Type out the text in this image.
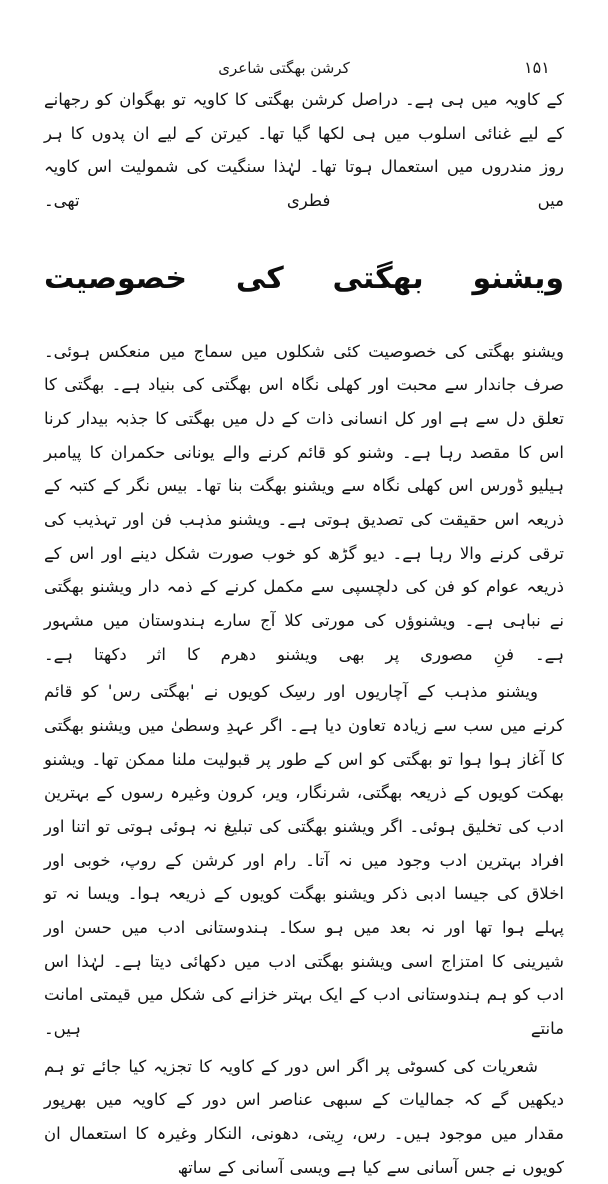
کرشن بھگتی شاعری	۱۵۱

کے کاویہ میں ہی ہے۔ دراصل کرشن بھگتی کا کاویہ تو بھگوان کو رجھانے کے لیے غنائی اسلوب میں ہی لکھا گیا تھا۔ کیرتن کے لیے ان پدوں کا ہر روز مندروں میں استعمال ہوتا تھا۔ لہٰذا سنگیت کی شمولیت اس کاویہ میں فطری تھی۔

ویشنو بھگتی کی خصوصیت

ویشنو بھگتی کی خصوصیت کئی شکلوں میں سماج میں منعکس ہوئی۔ صرف جاندار سے محبت اور کھلی نگاہ اس بھگتی کی بنیاد ہے۔ بھگتی کا تعلق دل سے ہے اور کل انسانی ذات کے دل میں بھگتی کا جذبہ بیدار کرنا اس کا مقصد رہا ہے۔ وشنو کو قائم کرنے والے یونانی حکمران کا پیامبر ہیلیو ڈورس اس کھلی نگاہ سے ویشنو بھگت بنا تھا۔ بیس نگر کے کتبہ کے ذریعہ اس حقیقت کی تصدیق ہوتی ہے۔ ویشنو مذہب فن اور تہذیب کی ترقی کرنے والا رہا ہے۔ دیو گڑھ کو خوب صورت شکل دینے اور اس کے ذریعہ عوام کو فن کی دلچسپی سے مکمل کرنے کے ذمہ دار ویشنو بھگتی نے نباہی ہے۔ ویشنوؤں کی مورتی کلا آج سارے ہندوستان میں مشہور ہے۔ فنِ مصوری پر بھی ویشنو دھرم کا اثر دکھتا ہے۔

ویشنو مذہب کے آچاریوں اور رسِک کویوں نے 'بھگتی رس' کو قائم کرنے میں سب سے زیادہ تعاون دیا ہے۔ اگر عہدِ وسطیٰ میں ویشنو بھگتی کا آغاز ہوا ہوا تو بھگتی کو اس کے طور پر قبولیت ملنا ممکن تھا۔ ویشنو بھکت کویوں کے ذریعہ بھگتی، شرنگار، ویر، کرون وغیرہ رسوں کے بہترین ادب کی تخلیق ہوئی۔ اگر ویشنو بھگتی کی تبلیغ نہ ہوئی ہوتی تو اتنا اور افراد بہترین ادب وجود میں نہ آتا۔ رام اور کرشن کے روپ، خوبی اور اخلاق کی جیسا ادبی ذکر ویشنو بھگت کویوں کے ذریعہ ہوا۔ ویسا نہ تو پہلے ہوا تھا اور نہ بعد میں ہو سکا۔ ہندوستانی ادب میں حسن اور شیرینی کا امتزاج اسی ویشنو بھگتی ادب میں دکھائی دیتا ہے۔ لہٰذا اس ادب کو ہم ہندوستانی ادب کے ایک بہتر خزانے کی شکل میں قیمتی امانت مانتے ہیں۔

شعریات کی کسوٹی پر اگر اس دور کے کاویہ کا تجزیہ کیا جائے تو ہم دیکھیں گے کہ جمالیات کے سبھی عناصر اس دور کے کاویہ میں بھرپور مقدار میں موجود ہیں۔ رس، رِیتی، دھونی، النکار وغیرہ کا استعمال ان کویوں نے جس آسانی سے کیا ہے ویسی آسانی کے ساتھ
